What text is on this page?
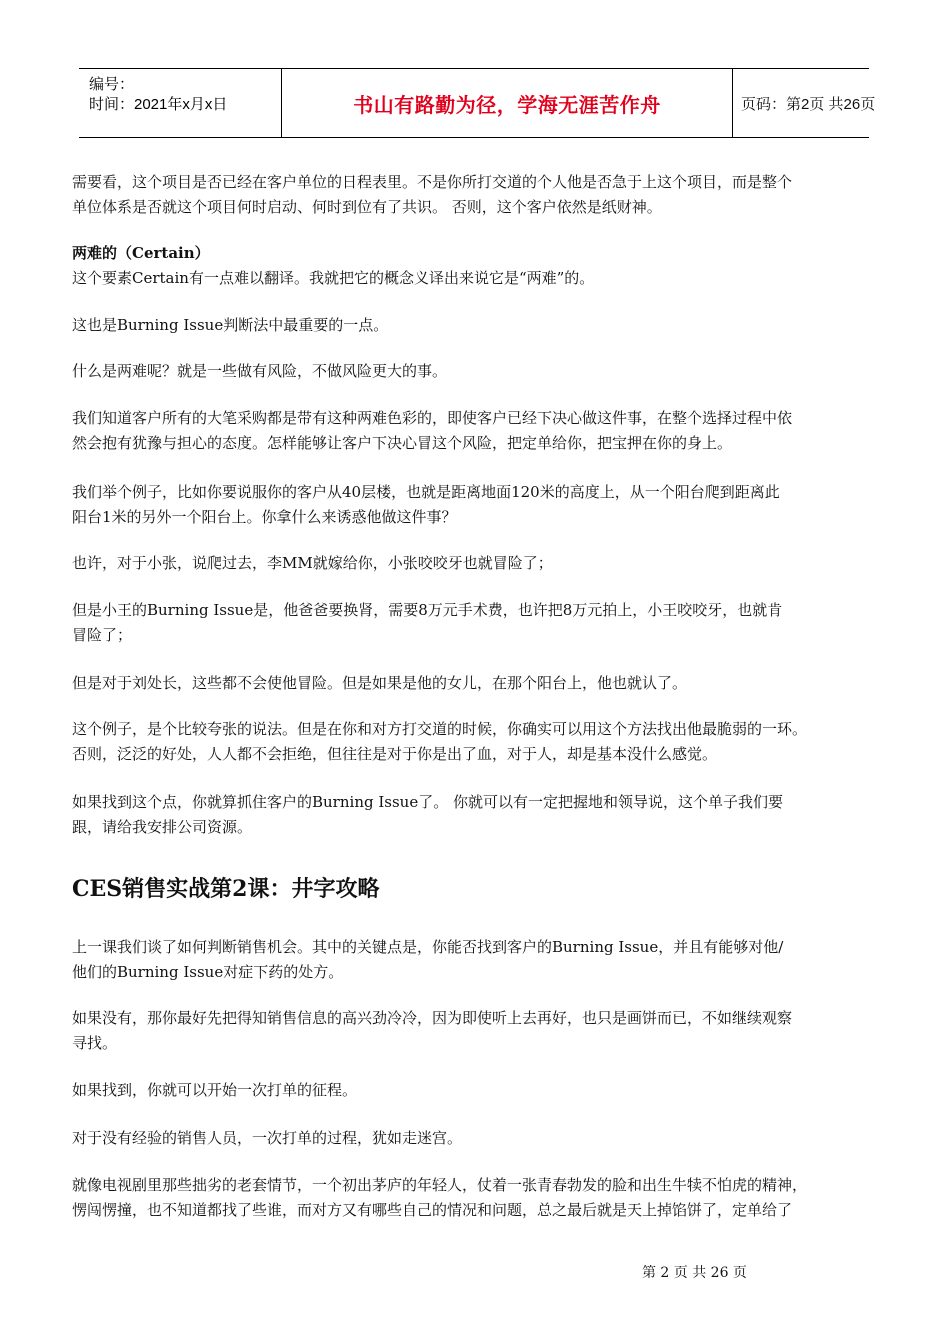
编号：
时间：2021年x月x日	书山有路勤为径，学海无涯苦作舟	页码：第2页 共26页
需要看，这个项目是否已经在客户单位的日程表里。不是你所打交道的个人他是否急于上这个项目，而是整个
单位体系是否就这个项目何时启动、何时到位有了共识。 否则，这个客户依然是纸财神。
两难的（Certain）
这个要素Certain有一点难以翻译。我就把它的概念义译出来说它是“两难”的。
这也是Burning Issue判断法中最重要的一点。
什么是两难呢？就是一些做有风险，不做风险更大的事。
我们知道客户所有的大笔采购都是带有这种两难色彩的，即使客户已经下决心做这件事，在整个选择过程中依
然会抱有犹豫与担心的态度。怎样能够让客户下决心冒这个风险，把定单给你，把宝押在你的身上。
我们举个例子，比如你要说服你的客户从40层楼，也就是距离地面120米的高度上，从一个阳台爬到距离此
阳台1米的另外一个阳台上。你拿什么来诱惑他做这件事？
也许，对于小张，说爬过去，李MM就嫁给你，小张咬咬牙也就冒险了；
但是小王的Burning Issue是，他爸爸要换肾，需要8万元手术费，也许把8万元拍上，小王咬咬牙，也就肯
冒险了；
但是对于刘处长，这些都不会使他冒险。但是如果是他的女儿，在那个阳台上，他也就认了。
这个例子，是个比较夸张的说法。但是在你和对方打交道的时候，你确实可以用这个方法找出他最脆弱的一环。
否则，泛泛的好处，人人都不会拒绝，但往往是对于你是出了血，对于人，却是基本没什么感觉。
如果找到这个点，你就算抓住客户的Burning Issue了。 你就可以有一定把握地和领导说，这个单子我们要
跟，请给我安排公司资源。
CES销售实战第2课：井字攻略
上一课我们谈了如何判断销售机会。其中的关键点是，你能否找到客户的Burning Issue，并且有能够对他/
他们的Burning Issue对症下药的处方。
如果没有，那你最好先把得知销售信息的高兴劲冷冷，因为即使听上去再好，也只是画饼而已，不如继续观察
寻找。
如果找到，你就可以开始一次打单的征程。
对于没有经验的销售人员，一次打单的过程，犹如走迷宫。
就像电视剧里那些拙劣的老套情节，一个初出茅庐的年轻人，仗着一张青春勃发的脸和出生牛犊不怕虎的精神，
愣闯愣撞，也不知道都找了些谁，而对方又有哪些自己的情况和问题，总之最后就是天上掉馅饼了，定单给了

第 2 页 共 26 页
